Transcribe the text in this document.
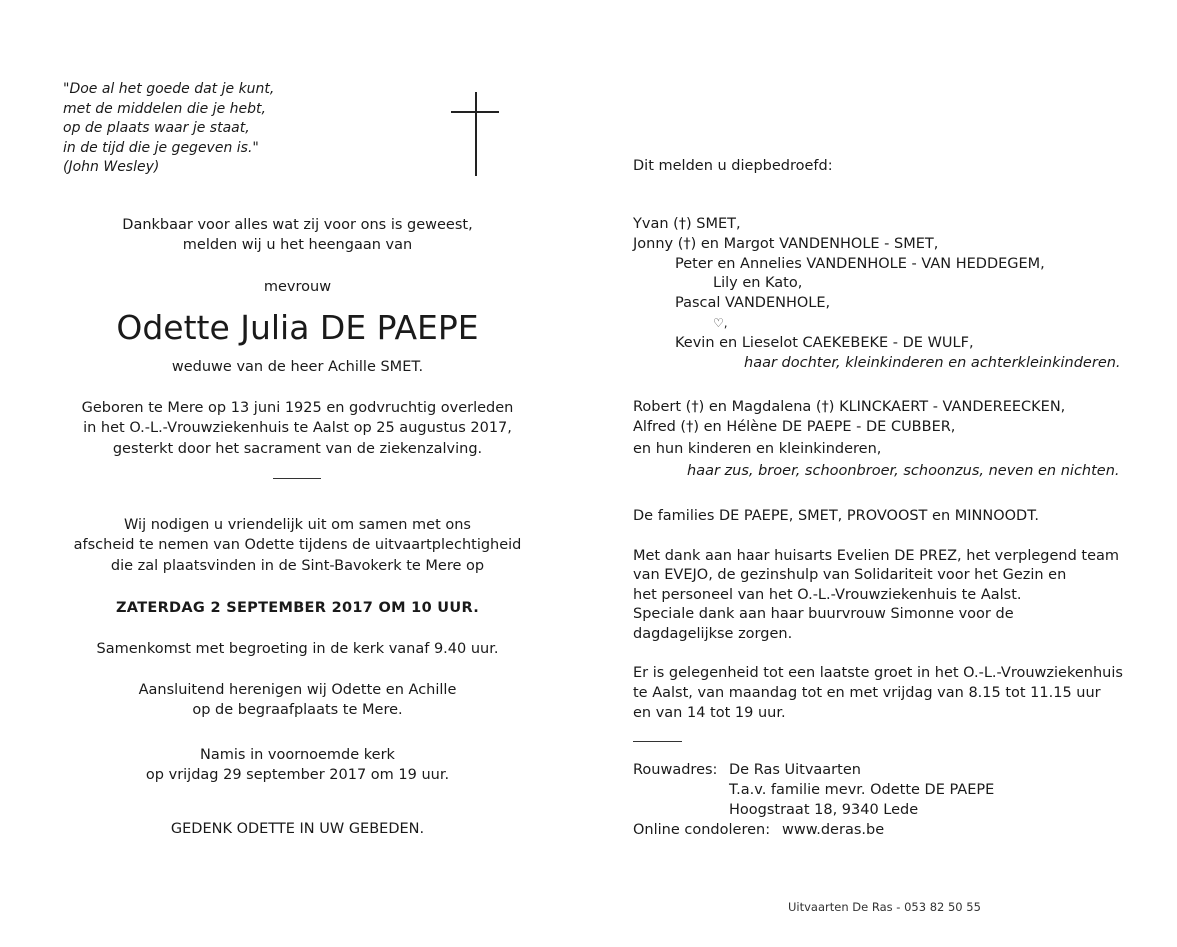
"Doe al het goede dat je kunt,
met de middelen die je hebt,
op de plaats waar je staat,
in de tijd die je gegeven is."
(John Wesley)
Dankbaar voor alles wat zij voor ons is geweest,
melden wij u het heengaan van
mevrouw
Odette Julia DE PAEPE
weduwe van de heer Achille SMET.
Geboren te Mere op 13 juni 1925 en godvruchtig overleden
in het O.-L.-Vrouwziekenhuis te Aalst op 25 augustus 2017,
gesterkt door het sacrament van de ziekenzalving.
Wij nodigen u vriendelijk uit om samen met ons
afscheid te nemen van Odette tijdens de uitvaartplechtigheid
die zal plaatsvinden in de Sint-Bavokerk te Mere op
ZATERDAG 2 SEPTEMBER 2017 OM 10 UUR.
Samenkomst met begroeting in de kerk vanaf 9.40 uur.
Aansluitend herenigen wij Odette en Achille
op de begraafplaats te Mere.
Namis in voornoemde kerk
op vrijdag 29 september 2017 om 19 uur.
GEDENK ODETTE IN UW GEBEDEN.
Dit melden u diepbedroefd:
Yvan (†) SMET,
Jonny (†) en Margot VANDENHOLE - SMET,
Peter en Annelies VANDENHOLE - VAN HEDDEGEM,
Lily en Kato,
Pascal VANDENHOLE,
♡,
Kevin en Lieselot CAEKEBEKE - DE WULF,
haar dochter, kleinkinderen en achterkleinkinderen.
Robert (†) en Magdalena (†) KLINCKAERT - VANDEREECKEN,
Alfred (†) en Hélène DE PAEPE - DE CUBBER,
en hun kinderen en kleinkinderen,
haar zus, broer, schoonbroer, schoonzus, neven en nichten.
De families DE PAEPE, SMET, PROVOOST en MINNOODT.
Met dank aan haar huisarts Evelien DE PREZ, het verplegend team
van EVEJO, de gezinshulp van Solidariteit voor het Gezin en
het personeel van het O.-L.-Vrouwziekenhuis te Aalst.
Speciale dank aan haar buurvrouw Simonne voor de
dagdagelijkse zorgen.
Er is gelegenheid tot een laatste groet in het O.-L.-Vrouwziekenhuis
te Aalst, van maandag tot en met vrijdag van 8.15 tot 11.15 uur
en van 14 tot 19 uur.
Rouwadres: De Ras Uitvaarten
T.a.v. familie mevr. Odette DE PAEPE
Hoogstraat 18, 9340 Lede
Online condoleren: www.deras.be
Uitvaarten De Ras - 053 82 50 55
